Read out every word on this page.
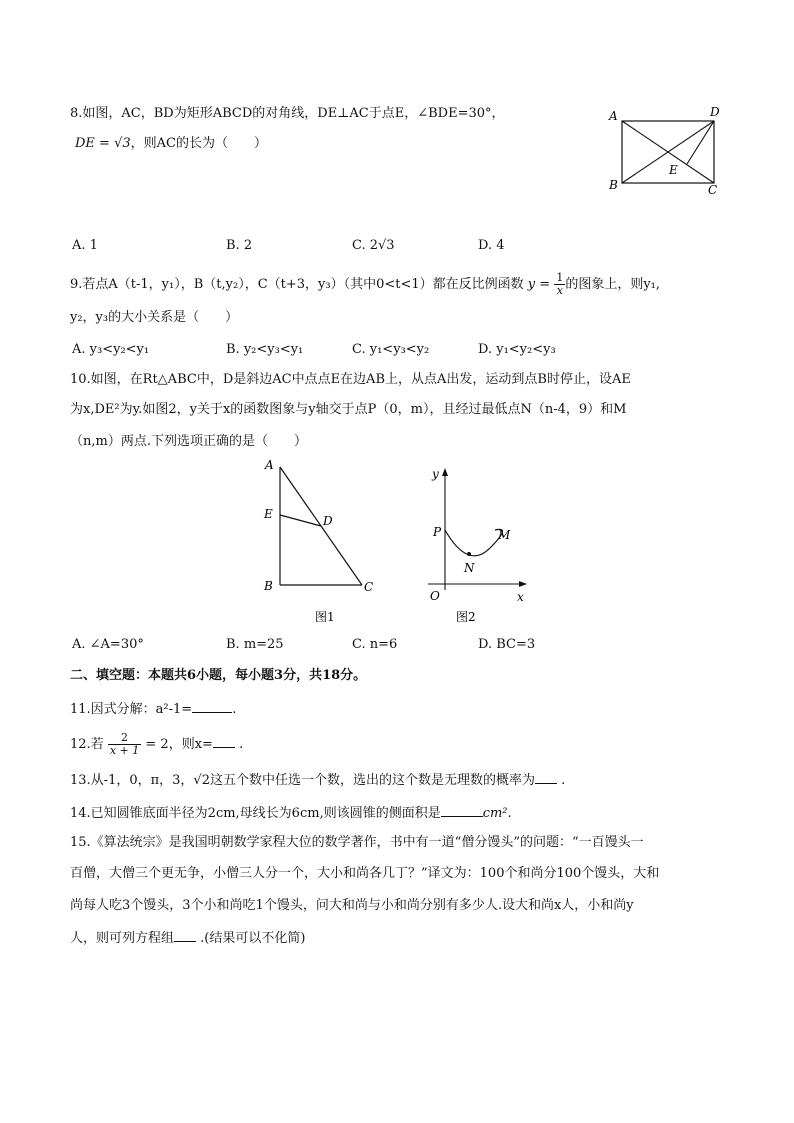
8.如图，AC，BD为矩形ABCD的对角线，DE⊥AC于点E，∠BDE=30°，
DE = √3，则AC的长为（　　）
A	D
B	C
E
A. 1	B. 2	C. 2√3	D. 4
9.若点A（t-1，y₁），B（t,y₂），C（t+3，y₃）（其中0<t<1）都在反比例函数 $y = \frac{1}{x}$ 的图象上，则y₁,
y₂，y₃的大小关系是（　　）
A. y₃<y₂<y₁	B. y₂<y₃<y₁	C. y₁<y₃<y₂	D. y₁<y₂<y₃
10.如图，在Rt△ABC中，D是斜边AC中点点E在边AB上，从点A出发，运动到点B时停止，设AE
为x,DE²为y.如图2，y关于x的函数图象与y轴交于点P（0，m），且经过最低点N（n-4，9）和M
（n,m）两点.下列选项正确的是（　　）
A
E	D
B	C
图1
y
P	M
N
O	x
图2
A. ∠A=30°	B. m=25	C. n=6	D. BC=3
二、填空题：本题共6小题，每小题3分，共18分。
11.因式分解：a²-1=	.
12.若 $\frac{2}{x + 1} = 2$，则x= .
13.从-1，0，π，3，√2这五个数中任选一个数，选出的这个数是无理数的概率为 .
14.已知圆锥底面半径为2cm,母线长为6cm,则该圆锥的侧面积是	cm².
15.《算法统宗》是我国明朝数学家程大位的数学著作，书中有一道“僧分馒头”的问题：“一百馒头一
百僧，大僧三个更无争，小僧三人分一个，大小和尚各几丁？”译文为：100个和尚分100个馒头，大和
尚每人吃3个馒头，3个小和尚吃1个馒头，问大和尚与小和尚分别有多少人.设大和尚x人，小和尚y
人，则可列方程组 .(结果可以不化简)
